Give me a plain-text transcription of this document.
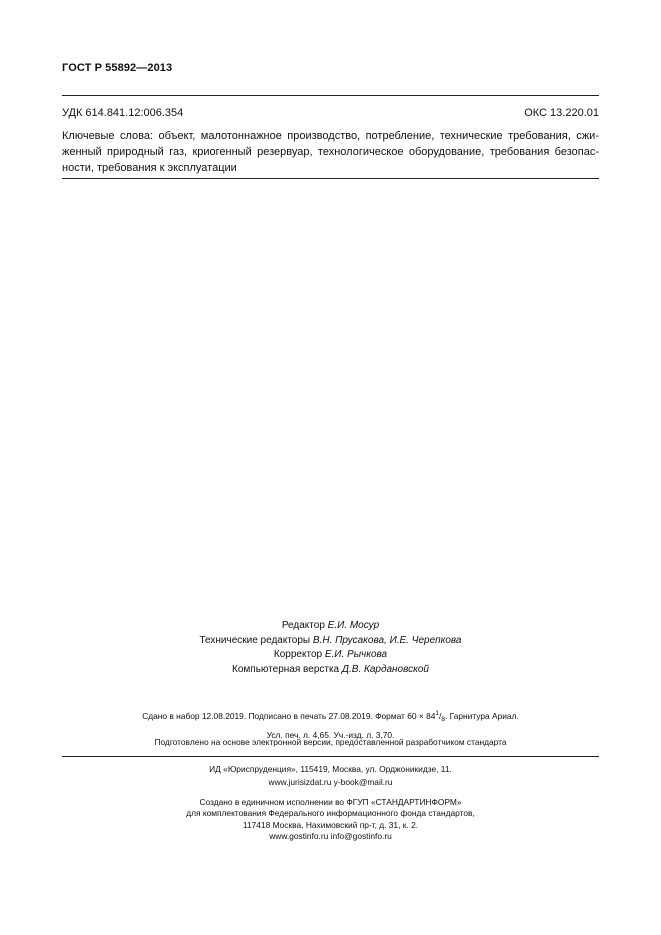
ГОСТ Р 55892—2013
УДК 614.841.12:006.354	ОКС 13.220.01
Ключевые слова: объект, малотоннажное производство, потребление, технические требования, сжи-
женный природный газ, криогенный резервуар, технологическое оборудование, требования безопас-
ности, требования к эксплуатации
Редактор Е.И. Мосур
Технические редакторы В.Н. Прусакова, И.Е. Черепкова
Корректор Е.И. Рычкова
Компьютерная верстка Д.В. Кардановской
Сдано в набор 12.08.2019. Подписано в печать 27.08.2019. Формат $60 \times 84^1/_8$. Гарнитура Ариал.
Усл. печ. л. 4,65. Уч.-изд. л. 3,70.
Подготовлено на основе электронной версии, предоставленной разработчиком стандарта
ИД «Юриспруденция», 115419, Москва, ул. Орджоникидзе, 11.
www.jurisizdat.ru y-book@mail.ru
Создано в единичном исполнении во ФГУП «СТАНДАРТИНФОРМ»
для комплектования Федерального информационного фонда стандартов,
117418 Москва, Нахимовский пр-т, д. 31, к. 2.
www.gostinfo.ru info@gostinfo.ru
